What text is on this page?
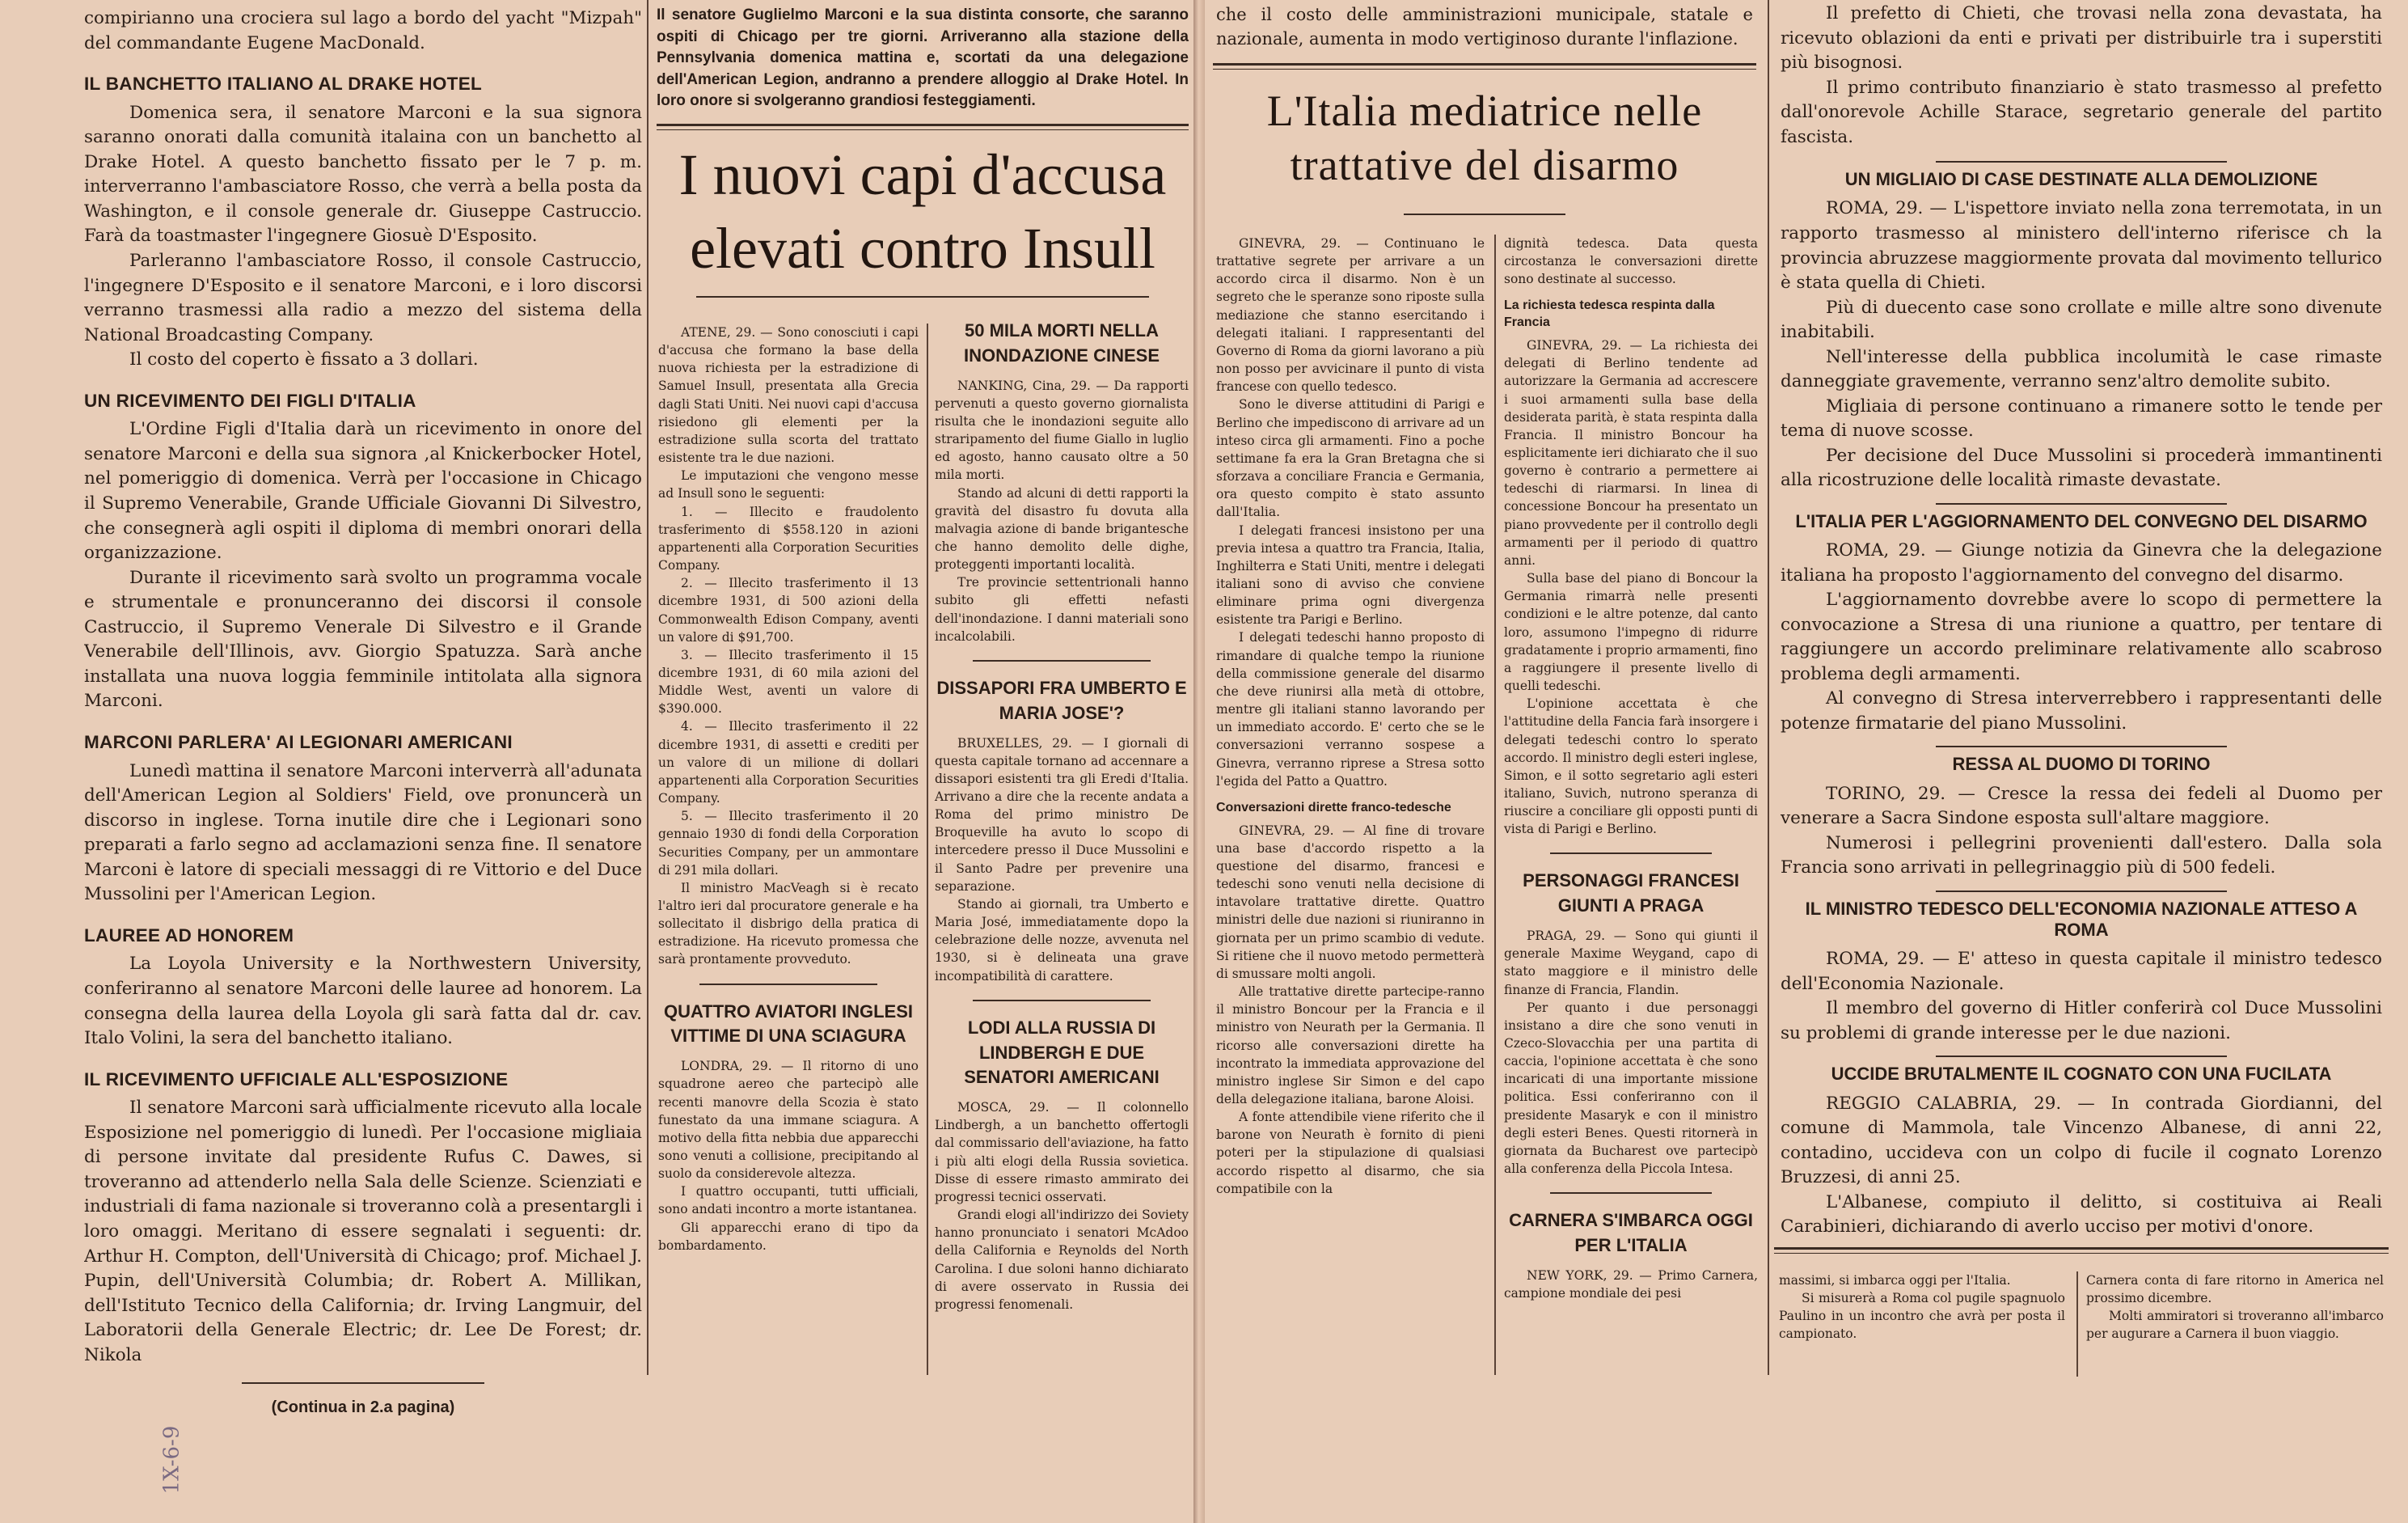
compirianno una crociera sul lago a bordo del yacht "Mizpah" del commandante Eugene MacDonald.

IL BANCHETTO ITALIANO AL DRAKE HOTEL

Domenica sera, il senatore Marconi e la sua signora saranno onorati dalla comunità italaina con un banchetto al Drake Hotel. A questo banchetto fissato per le 7 p. m. interverranno l'ambasciatore Rosso, che verrà a bella posta da Washington, e il console generale dr. Giuseppe Castruccio. Farà da toastmaster l'ingegnere Giosuè D'Esposito.

Parleranno l'ambasciatore Rosso, il console Castruccio, l'ingegnere D'Esposito e il senatore Marconi, e i loro discorsi verranno trasmessi alla radio a mezzo del sistema della National Broadcasting Company.

Il costo del coperto è fissato a 3 dollari.

UN RICEVIMENTO DEI FIGLI D'ITALIA

L'Ordine Figli d'Italia darà un ricevimento in onore del senatore Marconi e della sua signora ,al Knickerbocker Hotel, nel pomeriggio di domenica. Verrà per l'occasione in Chicago il Supremo Venerabile, Grande Ufficiale Giovanni Di Silvestro, che consegnerà agli ospiti il diploma di membri onorari della organizzazione.

Durante il ricevimento sarà svolto un programma vocale e strumentale e pronunceranno dei discorsi il console Castruccio, il Supremo Venerale Di Silvestro e il Grande Venerabile dell'Illinois, avv. Giorgio Spatuzza. Sarà anche installata una nuova loggia femminile intitolata alla signora Marconi.

MARCONI PARLERA' AI LEGIONARI AMERICANI

Lunedì mattina il senatore Marconi interverrà all'adunata dell'American Legion al Soldiers' Field, ove pronuncerà un discorso in inglese. Torna inutile dire che i Legionari sono preparati a farlo segno ad acclamazioni senza fine. Il senatore Marconi è latore di speciali messaggi di re Vittorio e del Duce Mussolini per l'American Legion.

LAUREE AD HONOREM

La Loyola University e la Northwestern University, conferiranno al senatore Marconi delle lauree ad honorem. La consegna della laurea della Loyola gli sarà fatta dal dr. cav. Italo Volini, la sera del banchetto italiano.

IL RICEVIMENTO UFFICIALE ALL'ESPOSIZIONE

Il senatore Marconi sarà ufficialmente ricevuto alla locale Esposizione nel pomeriggio di lunedì. Per l'occasione migliaia di persone invitate dal presidente Rufus C. Dawes, si troveranno ad attenderlo nella Sala delle Scienze. Scienziati e industriali di fama nazionale si troveranno colà a presentargli i loro omaggi. Meritano di essere segnalati i seguenti: dr. Arthur H. Compton, dell'Università di Chicago; prof. Michael J. Pupin, dell'Università Columbia; dr. Robert A. Millikan, dell'Istituto Tecnico della California; dr. Irving Langmuir, del Laboratorii della Generale Electric; dr. Lee De Forest; dr. Nikola

(Continua in 2.a pagina)

Il senatore Guglielmo Marconi e la sua distinta consorte, che saranno ospiti di Chicago per tre giorni. Arriveranno alla stazione della Pennsylvania domenica mattina e, scortati da una delegazione dell'American Legion, andranno a prendere alloggio al Drake Hotel. In loro onore si svolgeranno grandiosi festeggiamenti.

I nuovi capi d'accusa elevati contro Insull

ATENE, 29. — Sono conosciuti i capi d'accusa che formano la base della nuova richiesta per la estradizione di Samuel Insull, presentata alla Grecia dagli Stati Uniti. Nei nuovi capi d'accusa risiedono gli elementi per la estradizione sulla scorta del trattato esistente tra le due nazioni.

Le imputazioni che vengono messe ad Insull sono le seguenti:

1. — Illecito e fraudolento trasferimento di $558.120 in azioni appartenenti alla Corporation Securities Company.

2. — Illecito trasferimento il 13 dicembre 1931, di 500 azioni della Commonwealth Edison Company, aventi un valore di $91,700.

3. — Illecito trasferimento il 15 dicembre 1931, di 60 mila azioni del Middle West, aventi un valore di $390.000.

4. — Illecito trasferimento il 22 dicembre 1931, di assetti e crediti per un valore di un milione di dollari appartenenti alla Corporation Securities Company.

5. — Illecito trasferimento il 20 gennaio 1930 di fondi della Corporation Securities Company, per un ammontare di 291 mila dollari.

Il ministro MacVeagh si è recato l'altro ieri dal procuratore generale e ha sollecitato il disbrigo della pratica di estradizione. Ha ricevuto promessa che sarà prontamente provveduto.

QUATTRO AVIATORI INGLESI VITTIME DI UNA SCIAGURA

LONDRA, 29. — Il ritorno di uno squadrone aereo che partecipò alle recenti manovre della Scozia è stato funestato da una immane sciagura. A motivo della fitta nebbia due apparecchi sono venuti a collisione, precipitando al suolo da considerevole altezza.

I quattro occupanti, tutti ufficiali, sono andati incontro a morte istantanea.

Gli apparecchi erano di tipo da bombardamento.

50 MILA MORTI NELLA INONDAZIONE CINESE

NANKING, Cina, 29. — Da rapporti pervenuti a questo governo giornalista risulta che le inondazioni seguite allo straripamento del fiume Giallo in luglio ed agosto, hanno causato oltre a 50 mila morti.

Stando ad alcuni di detti rapporti la gravità del disastro fu dovuta alla malvagia azione di bande brigantesche che hanno demolito delle dighe, proteggenti importanti località.

Tre provincie settentrionali hanno subito gli effetti nefasti dell'inondazione. I danni materiali sono incalcolabili.

DISSAPORI FRA UMBERTO E MARIA JOSE'?

BRUXELLES, 29. — I giornali di questa capitale tornano ad accennare a dissapori esistenti tra gli Eredi d'Italia. Arrivano a dire che la recente andata a Roma del primo ministro De Broqueville ha avuto lo scopo di intercedere presso il Duce Mussolini e il Santo Padre per prevenire una separazione.

Stando ai giornali, tra Umberto e Maria José, immediatamente dopo la celebrazione delle nozze, avvenuta nel 1930, si è delineata una grave incompatibilità di carattere.

LODI ALLA RUSSIA DI LINDBERGH E DUE SENATORI AMERICANI

MOSCA, 29. — Il colonnello Lindbergh, a un banchetto offertogli dal commissario dell'aviazione, ha fatto i più alti elogi della Russia sovietica. Disse di essere rimasto ammirato dei progressi tecnici osservati.

Grandi elogi all'indirizzo dei Soviety hanno pronunciato i senatori McAdoo della California e Reynolds del North Carolina. I due soloni hanno dichiarato di avere osservato in Russia dei progressi fenomenali.

1X-6-9

che il costo delle amministrazioni municipale, statale e nazionale, aumenta in modo vertiginoso durante l'inflazione.

L'Italia mediatrice nelle trattative del disarmo

GINEVRA, 29. — Continuano le trattative segrete per arrivare a un accordo circa il disarmo. Non è un segreto che le speranze sono riposte sulla mediazione che stanno esercitando i delegati italiani. I rappresentanti del Governo di Roma da giorni lavorano a più non posso per avvicinare il punto di vista francese con quello tedesco.

Sono le diverse attitudini di Parigi e Berlino che impediscono di arrivare ad un inteso circa gli armamenti. Fino a poche settimane fa era la Gran Bretagna che si sforzava a conciliare Francia e Germania, ora questo compito è stato assunto dall'Italia.

I delegati francesi insistono per una previa intesa a quattro tra Francia, Italia, Inghilterra e Stati Uniti, mentre i delegati italiani sono di avviso che conviene eliminare prima ogni divergenza esistente tra Parigi e Berlino.

I delegati tedeschi hanno proposto di rimandare di qualche tempo la riunione della commissione generale del disarmo che deve riunirsi alla metà di ottobre, mentre gli italiani stanno lavorando per un immediato accordo. E' certo che se le conversazioni verranno sospese a Ginevra, verranno riprese a Stresa sotto l'egida del Patto a Quattro.

Conversazioni dirette franco-tedesche

GINEVRA, 29. — Al fine di trovare una base d'accordo rispetto a la questione del disarmo, francesi e tedeschi sono venuti nella decisione di intavolare trattative dirette. Quattro ministri delle due nazioni si riuniranno in giornata per un primo scambio di vedute. Si ritiene che il nuovo metodo permetterà di smussare molti angoli.

Alle trattative dirette partecipe-ranno il ministro Boncour per la Francia e il ministro von Neurath per la Germania. Il ricorso alle conversazioni dirette ha incontrato la immediata approvazione del ministro inglese Sir Simon e del capo della delegazione italiana, barone Aloisi.

A fonte attendibile viene riferito che il barone von Neurath è fornito di pieni poteri per la stipulazione di qualsiasi accordo rispetto al disarmo, che sia compatibile con la

dignità tedesca. Data questa circostanza le conversazioni dirette sono destinate al successo.

La richiesta tedesca respinta dalla Francia

GINEVRA, 29. — La richiesta dei delegati di Berlino tendente ad autorizzare la Germania ad accrescere i suoi armamenti sulla base della desiderata parità, è stata respinta dalla Francia. Il ministro Boncour ha esplicitamente ieri dichiarato che il suo governo è contrario a permettere ai tedeschi di riarmarsi. In linea di concessione Boncour ha presentato un piano provvedente per il controllo degli armamenti per il periodo di quattro anni.

Sulla base del piano di Boncour la Germania rimarrà nelle presenti condizioni e le altre potenze, dal canto loro, assumono l'impegno di ridurre gradatamente i proprio armamenti, fino a raggiungere il presente livello di quelli tedeschi.

L'opinione accettata è che l'attitudine della Fancia farà insorgere i delegati tedeschi contro lo sperato accordo. Il ministro degli esteri inglese, Simon, e il sotto segretario agli esteri italiano, Suvich, nutrono speranza di riuscire a conciliare gli opposti punti di vista di Parigi e Berlino.

PERSONAGGI FRANCESI GIUNTI A PRAGA

PRAGA, 29. — Sono qui giunti il generale Maxime Weygand, capo di stato maggiore e il ministro delle finanze di Francia, Flandin.

Per quanto i due personaggi insistano a dire che sono venuti in Czeco-Slovacchia per una partita di caccia, l'opinione accettata è che sono incaricati di una importante missione politica. Essi conferiranno con il presidente Masaryk e con il ministro degli esteri Benes. Questi ritornerà in giornata da Bucharest ove partecipò alla conferenza della Piccola Intesa.

CARNERA S'IMBARCA OGGI PER L'ITALIA

NEW YORK, 29. — Primo Carnera, campione mondiale dei pesi

Il prefetto di Chieti, che trovasi nella zona devastata, ha ricevuto oblazioni da enti e privati per distribuirle tra i superstiti più bisognosi.

Il primo contributo finanziario è stato trasmesso al prefetto dall'onorevole Achille Starace, segretario generale del partito fascista.

UN MIGLIAIO DI CASE DESTINATE ALLA DEMOLIZIONE

ROMA, 29. — L'ispettore inviato nella zona terremotata, in un rapporto trasmesso al ministero dell'interno riferisce ch la provincia abruzzese maggiormente provata dal movimento tellurico è stata quella di Chieti.

Più di duecento case sono crollate e mille altre sono divenute inabitabili.

Nell'interesse della pubblica incolumità le case rimaste danneggiate gravemente, verranno senz'altro demolite subito.

Migliaia di persone continuano a rimanere sotto le tende per tema di nuove scosse.

Per decisione del Duce Mussolini si procederà immantinenti alla ricostruzione delle località rimaste devastate.

L'ITALIA PER L'AGGIORNAMENTO DEL CONVEGNO DEL DISARMO

ROMA, 29. — Giunge notizia da Ginevra che la delegazione italiana ha proposto l'aggiornamento del convegno del disarmo.

L'aggiornamento dovrebbe avere lo scopo di permettere la convocazione a Stresa di una riunione a quattro, per tentare di raggiungere un accordo preliminare relativamente allo scabroso problema degli armamenti.

Al convegno di Stresa interverrebbero i rappresentanti delle potenze firmatarie del piano Mussolini.

RESSA AL DUOMO DI TORINO

TORINO, 29. — Cresce la ressa dei fedeli al Duomo per venerare a Sacra Sindone esposta sull'altare maggiore.

Numerosi i pellegrini provenienti dall'estero. Dalla sola Francia sono arrivati in pellegrinaggio più di 500 fedeli.

IL MINISTRO TEDESCO DELL'ECONOMIA NAZIONALE ATTESO A ROMA

ROMA, 29. — E' atteso in questa capitale il ministro tedesco dell'Economia Nazionale.

Il membro del governo di Hitler conferirà col Duce Mussolini su problemi di grande interesse per le due nazioni.

UCCIDE BRUTALMENTE IL COGNATO CON UNA FUCILATA

REGGIO CALABRIA, 29. — In contrada Giordianni, del comune di Mammola, tale Vincenzo Albanese, di anni 22, contadino, uccideva con un colpo di fucile il cognato Lorenzo Bruzzesi, di anni 25.

L'Albanese, compiuto il delitto, si costituiva ai Reali Carabinieri, dichiarando di averlo ucciso per motivi d'onore.

massimi, si imbarca oggi per l'Italia.

Si misurerà a Roma col pugile spagnuolo Paulino in un incontro che avrà per posta il campionato.

Carnera conta di fare ritorno in America nel prossimo dicembre.

Molti ammiratori si troveranno all'imbarco per augurare a Carnera il buon viaggio.
